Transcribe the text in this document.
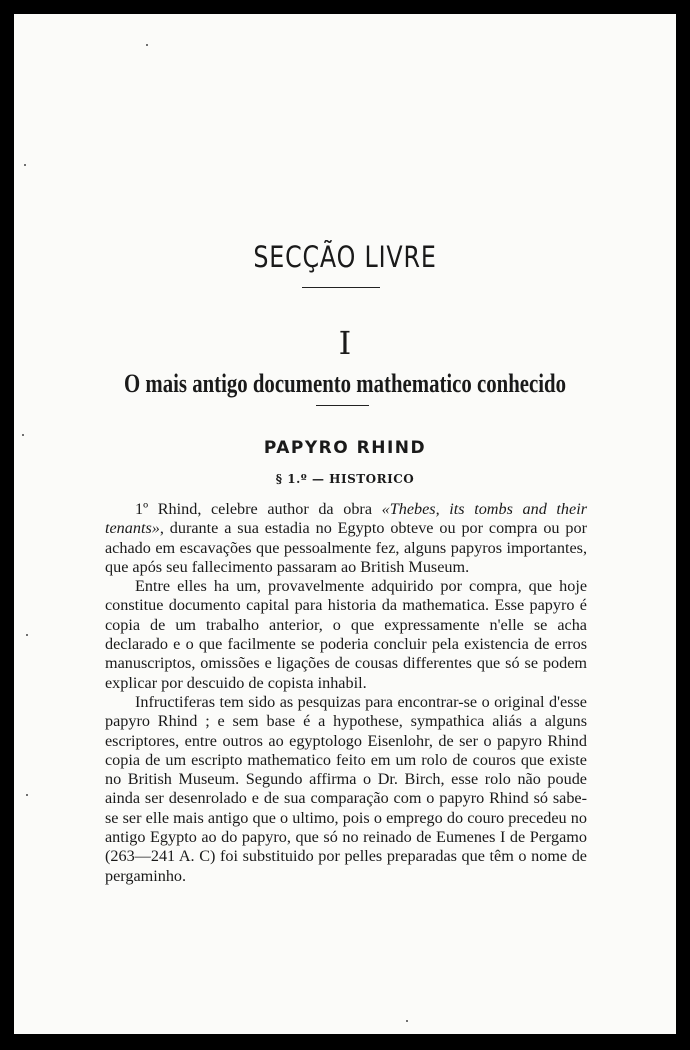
SECÇÃO LIVRE
I
O mais antigo documento mathematico conhecido
PAPYRO RHIND
§ 1.º — HISTORICO

1º Rhind, celebre author da obra «Thebes, its tombs and their tenants», durante a sua estadia no Egypto obteve ou por compra ou por achado em escavações que pessoalmente fez, alguns papyros importantes, que após seu fallecimento passaram ao British Museum.

Entre elles ha um, provavelmente adquirido por compra, que hoje constitue documento capital para historia da mathematica. Esse papyro é copia de um trabalho anterior, o que expressamente n'elle se acha declarado e o que facilmente se poderia concluir pela existencia de erros manuscriptos, omissões e ligações de cousas differentes que só se podem explicar por descuido de copista inhabil.

Infructiferas tem sido as pesquizas para encontrar-se o original d'esse papyro Rhind ; e sem base é a hypothese, sympathica aliás a alguns escriptores, entre outros ao egyptologo Eisenlohr, de ser o papyro Rhind copia de um escripto mathematico feito em um rolo de couros que existe no British Museum. Segundo affirma o Dr. Birch, esse rolo não poude ainda ser desenrolado e de sua comparação com o papyro Rhind só sabe-se ser elle mais antigo que o ultimo, pois o emprego do couro precedeu no antigo Egypto ao do papyro, que só no reinado de Eumenes I de Pergamo (263—241 A. C) foi substituido por pelles preparadas que têm o nome de pergaminho.
